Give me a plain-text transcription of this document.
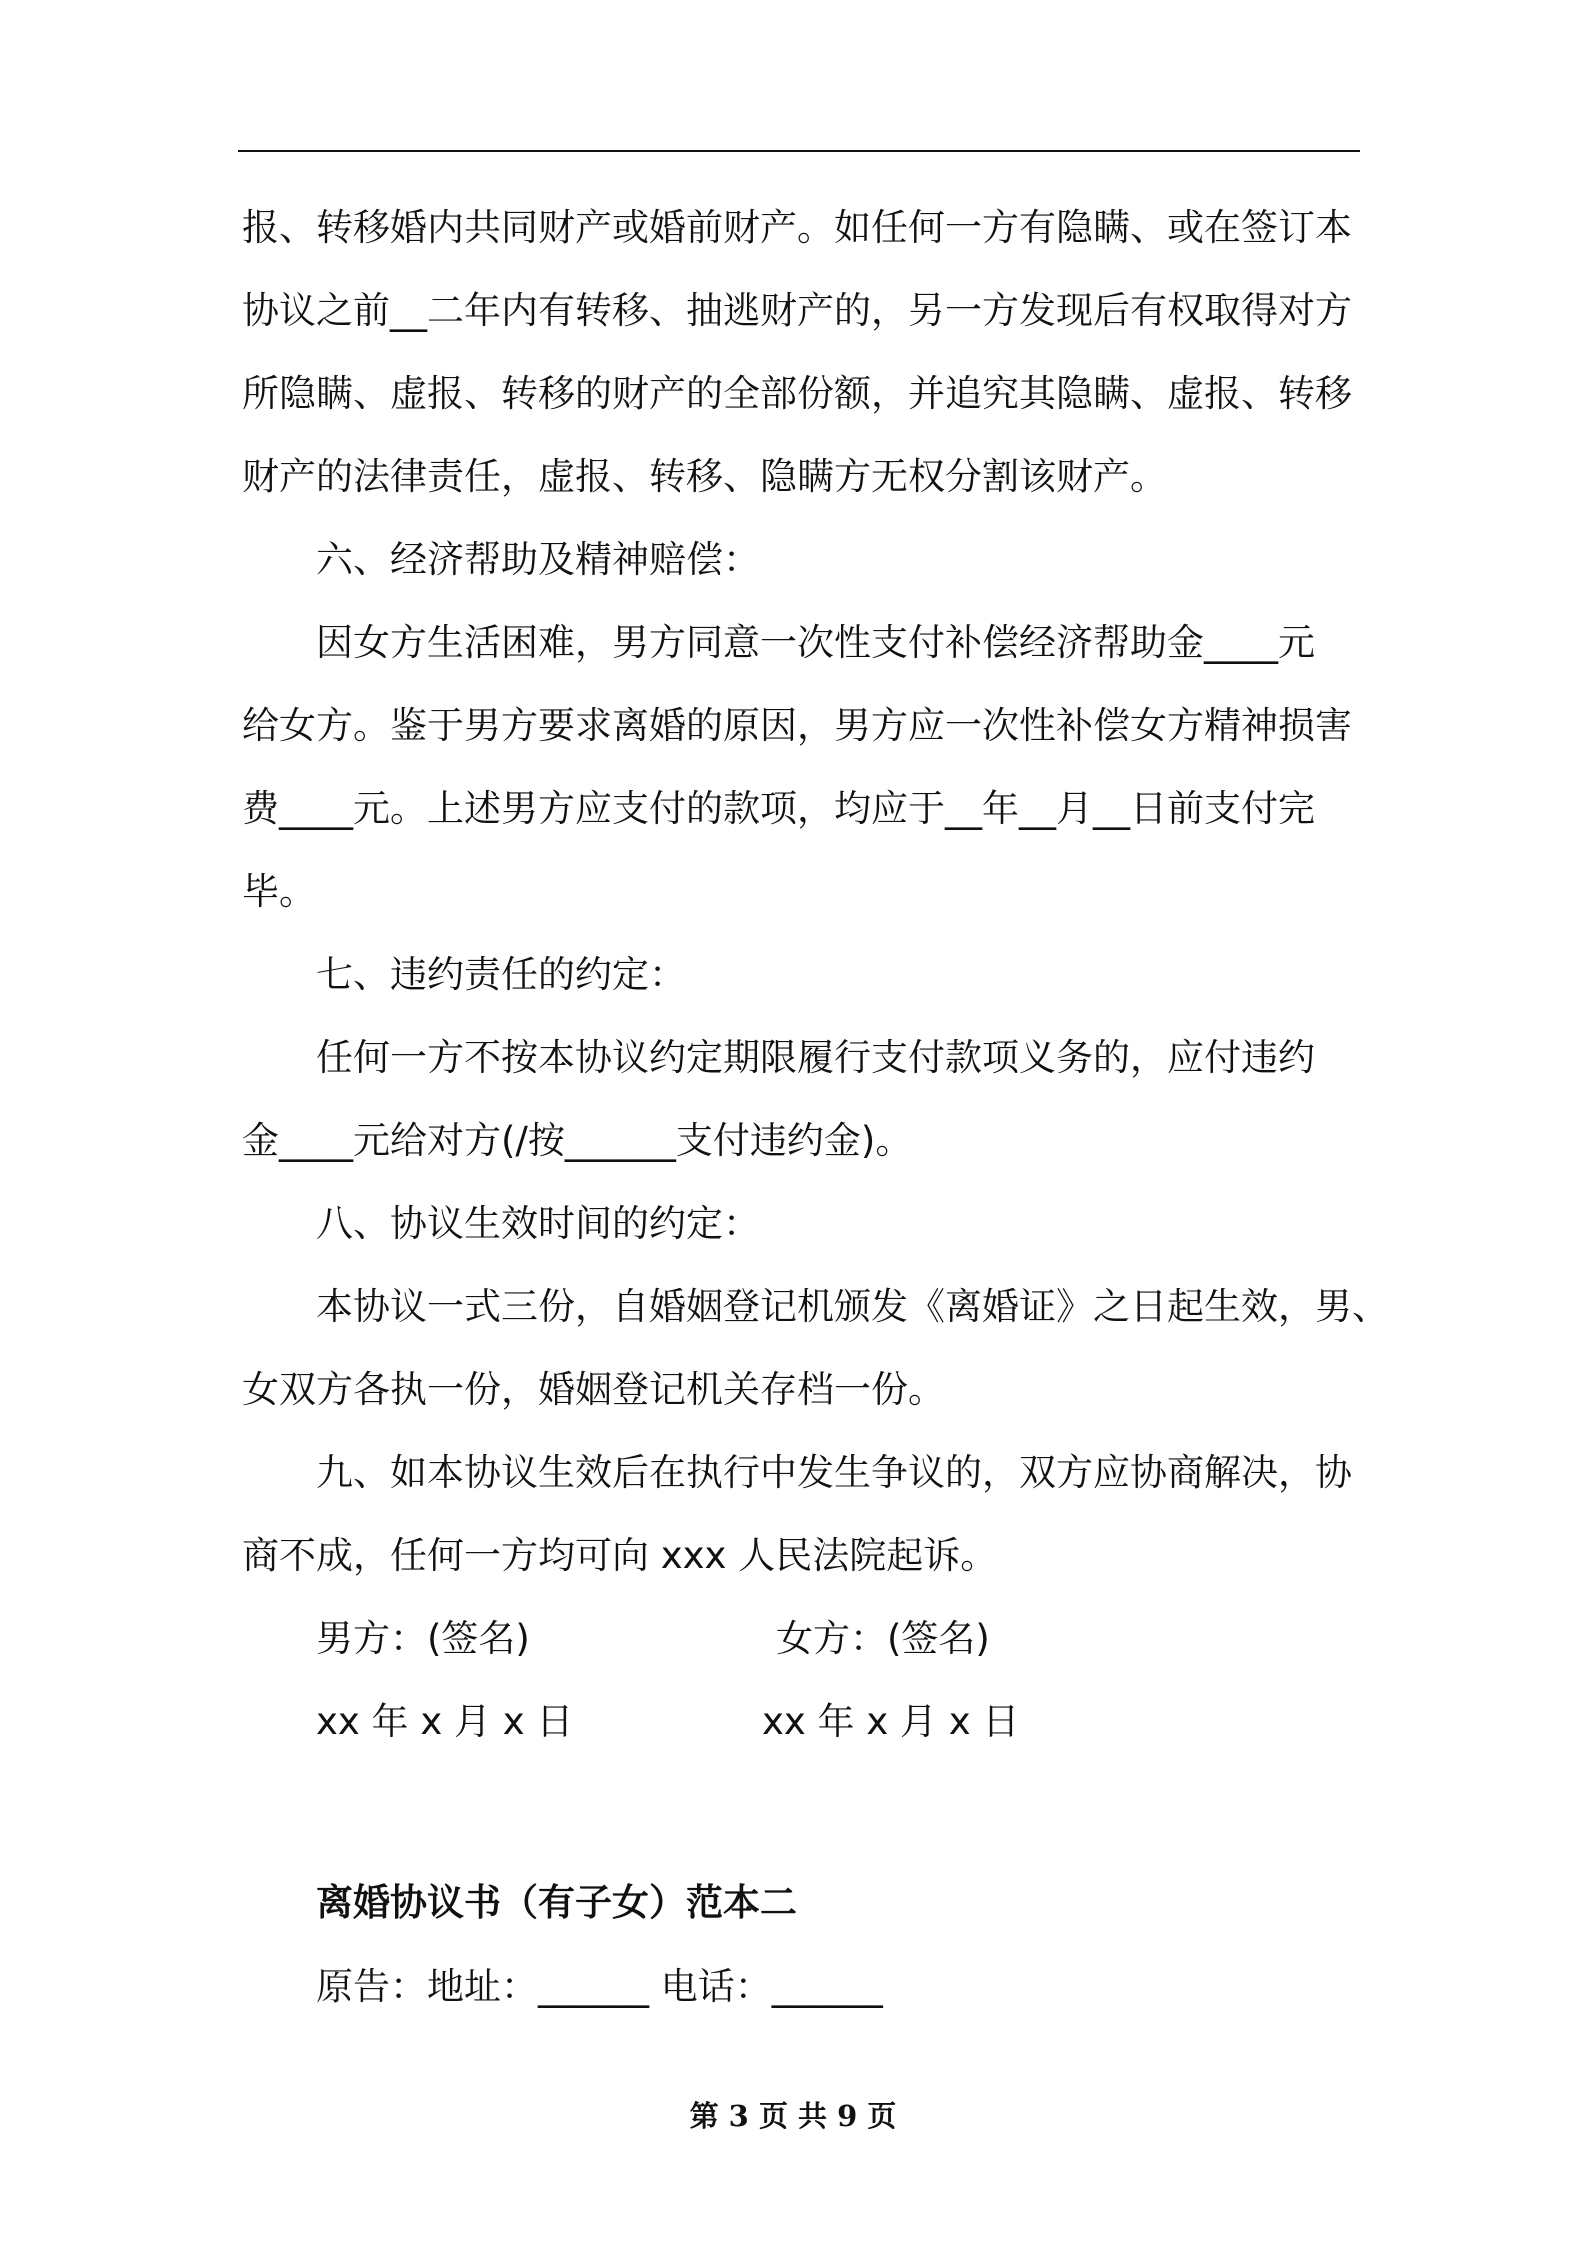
报、转移婚内共同财产或婚前财产。如任何一方有隐瞒、或在签订本
协议之前__二年内有转移、抽逃财产的，另一方发现后有权取得对方
所隐瞒、虚报、转移的财产的全部份额，并追究其隐瞒、虚报、转移
财产的法律责任，虚报、转移、隐瞒方无权分割该财产。
六、经济帮助及精神赔偿：
因女方生活困难，男方同意一次性支付补偿经济帮助金____元
给女方。鉴于男方要求离婚的原因，男方应一次性补偿女方精神损害
费____元。上述男方应支付的款项，均应于__年__月__日前支付完
毕。
七、违约责任的约定：
任何一方不按本协议约定期限履行支付款项义务的，应付违约
金____元给对方(/按______支付违约金)。
八、协议生效时间的约定：
本协议一式三份，自婚姻登记机颁发《离婚证》之日起生效，男、
女双方各执一份，婚姻登记机关存档一份。
九、如本协议生效后在执行中发生争议的，双方应协商解决，协
商不成，任何一方均可向 xxx 人民法院起诉。
男方：(签名)	女方：(签名)
xx 年 x 月 x 日	xx 年 x 月 x 日
离婚协议书（有子女）范本二
原告：地址：______ 电话：______
第 3 页 共 9 页
